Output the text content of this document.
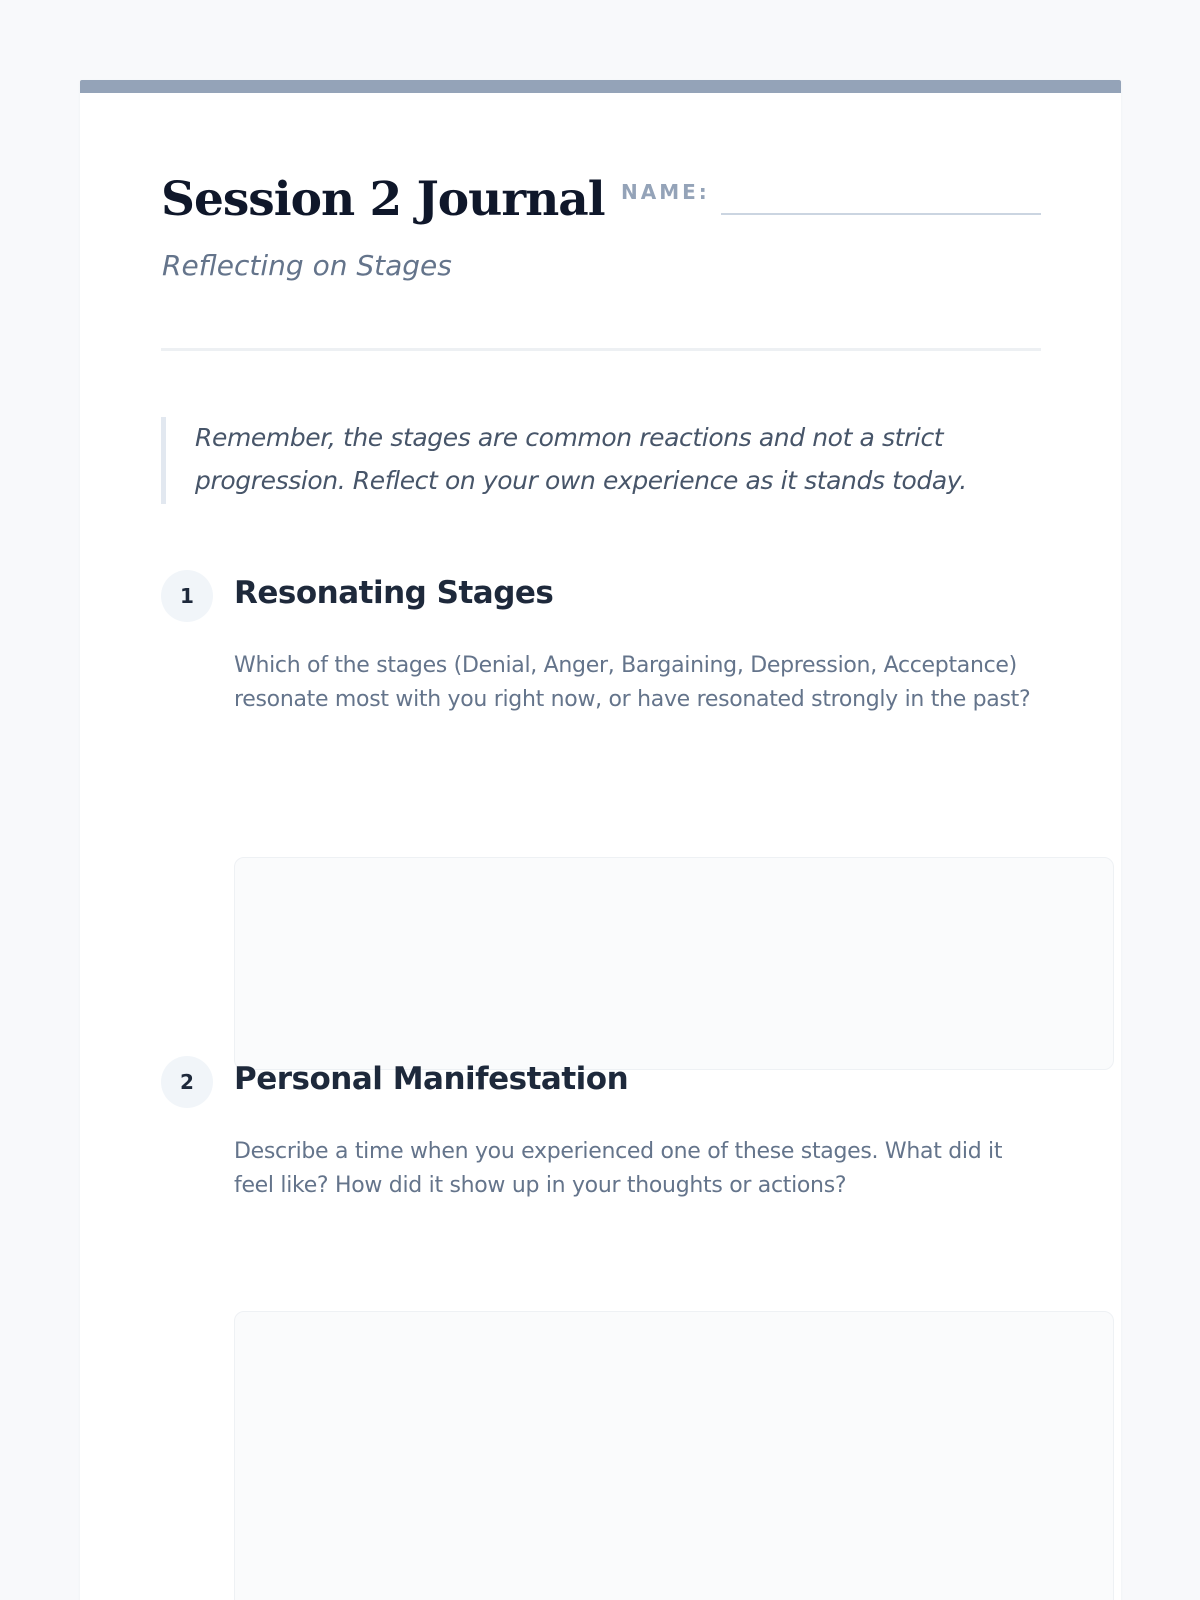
Session 2 Journal
Reflecting on Stages
NAME:

Remember, the stages are common reactions and not a strict progression. Reflect on your own experience as it stands today.

1	Resonating Stages

Which of the stages (Denial, Anger, Bargaining, Depression, Acceptance) resonate most with you right now, or have resonated strongly in the past?

2	Personal Manifestation

Describe a time when you experienced one of these stages. What did it feel like? How did it show up in your thoughts or actions?
